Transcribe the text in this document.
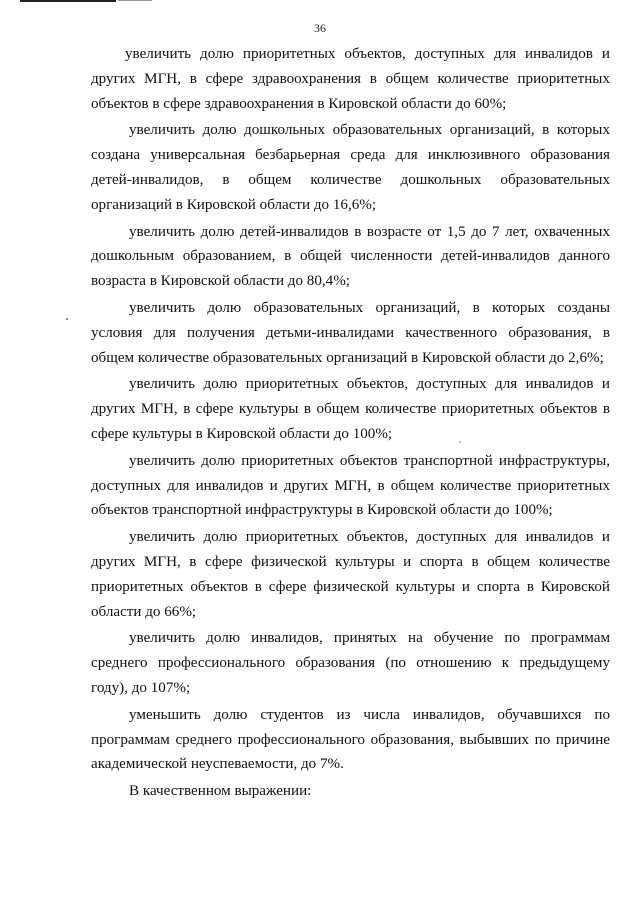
36

увеличить долю приоритетных объектов, доступных для инвалидов и других МГН, в сфере здравоохранения в общем количестве приоритетных объектов в сфере здравоохранения в Кировской области до 60%;

увеличить долю дошкольных образовательных организаций, в которых создана универсальная безбарьерная среда для инклюзивного образования детей-инвалидов, в общем количестве дошкольных образовательных организаций в Кировской области до 16,6%;

увеличить долю детей-инвалидов в возрасте от 1,5 до 7 лет, охваченных дошкольным образованием, в общей численности детей-инвалидов данного возраста в Кировской области до 80,4%;

увеличить долю образовательных организаций, в которых созданы условия для получения детьми-инвалидами качественного образования, в общем количестве образовательных организаций в Кировской области до 2,6%;

увеличить долю приоритетных объектов, доступных для инвалидов и других МГН, в сфере культуры в общем количестве приоритетных объектов в сфере культуры в Кировской области до 100%;

увеличить долю приоритетных объектов транспортной инфраструктуры, доступных для инвалидов и других МГН, в общем количестве приоритетных объектов транспортной инфраструктуры в Кировской области до 100%;

увеличить долю приоритетных объектов, доступных для инвалидов и других МГН, в сфере физической культуры и спорта в общем количестве приоритетных объектов в сфере физической культуры и спорта в Кировской области до 66%;

увеличить долю инвалидов, принятых на обучение по программам среднего профессионального образования (по отношению к предыдущему году), до 107%;

уменьшить долю студентов из числа инвалидов, обучавшихся по программам среднего профессионального образования, выбывших по причине академической неуспеваемости, до 7%.

В качественном выражении:
